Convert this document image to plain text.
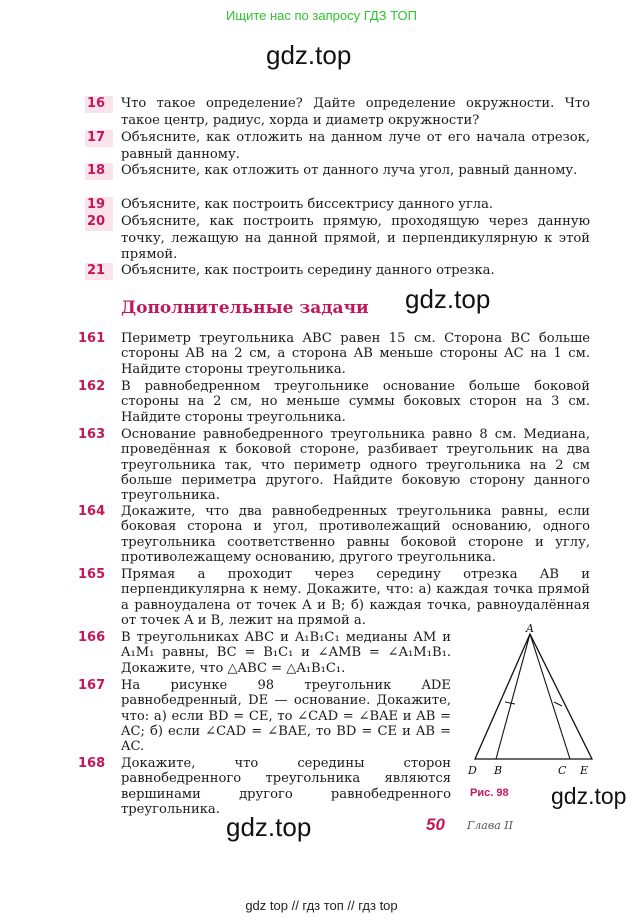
Ищите нас по запросу ГДЗ ТОП
gdz.top
16	Что такое определение? Дайте определение окружности. Что такое центр, радиус, хорда и диаметр окружности?
17	Объясните, как отложить на данном луче от его начала отрезок, равный данному.
18	Объясните, как отложить от данного луча угол, равный данному.
19	Объясните, как построить биссектрису данного угла.
20	Объясните, как построить прямую, проходящую через данную точку, лежащую на данной прямой, и перпендикулярную к этой прямой.
21	Объясните, как построить середину данного отрезка.
Дополнительные задачи gdz.top
161 Периметр треугольника ABC равен 15 см. Сторона BC больше стороны AB на 2 см, а сторона AB меньше стороны AC на 1 см. Найдите стороны треугольника.
162 В равнобедренном треугольнике основание больше боковой стороны на 2 см, но меньше суммы боковых сторон на 3 см. Найдите стороны треугольника.
163 Основание равнобедренного треугольника равно 8 см. Медиана, проведённая к боковой стороне, разбивает треугольник на два треугольника так, что периметр одного треугольника на 2 см больше периметра другого. Найдите боковую сторону данного треугольника.
164 Докажите, что два равнобедренных треугольника равны, если боковая сторона и угол, противолежащий основанию, одного треугольника соответственно равны боковой стороне и углу, противолежащему основанию, другого треугольника.
165 Прямая a проходит через середину отрезка AB и перпендикулярна к нему. Докажите, что: а) каждая точка прямой a равноудалена от точек A и B; б) каждая точка, равноудалённая от точек A и B, лежит на прямой a.
166 В треугольниках ABC и A₁B₁C₁ медианы AM и A₁M₁ равны, BC = B₁C₁ и ∠AMB = ∠A₁M₁B₁. Докажите, что △ABC = △A₁B₁C₁.
167 На рисунке 98 треугольник ADE равнобедренный, DE — основание. Докажите, что: а) если BD = CE, то ∠CAD = ∠BAE и AB = AC; б) если ∠CAD = ∠BAE, то BD = CE и AB = AC.
168 Докажите, что середины сторон равнобедренного треугольника являются вершинами другого равнобедренного треугольника.
A
D B	C E
Рис. 98 gdz.top
50 Глава II
gdz.top
gdz top // гдз топ // гдз top
